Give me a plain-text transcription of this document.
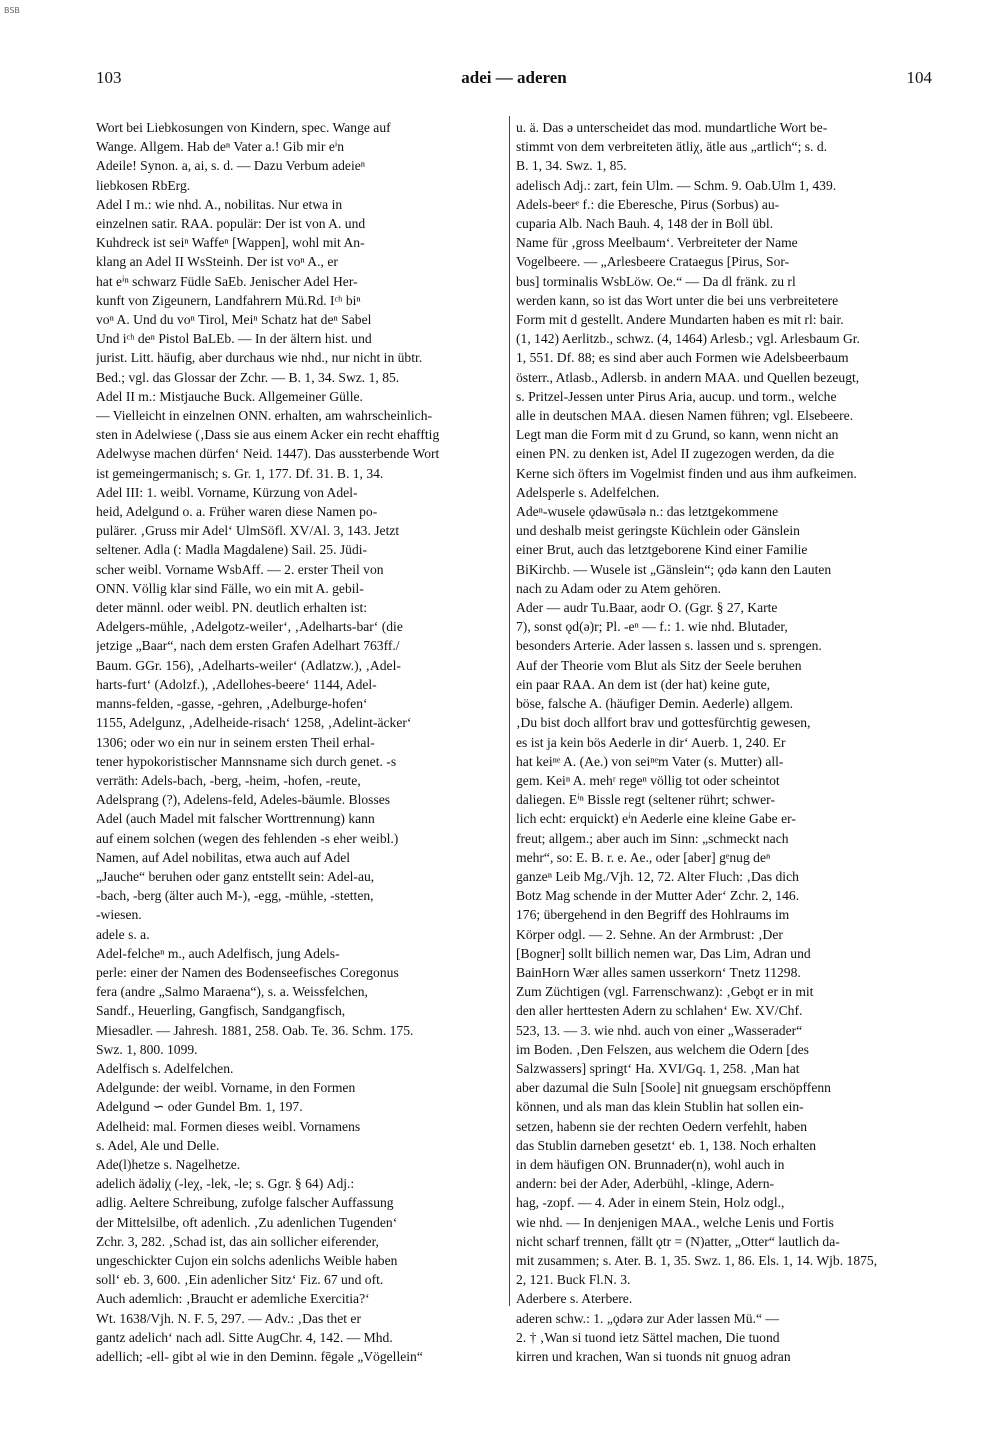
BSB
103	adei — aderen	104
Wort bei Liebkosungen von Kindern, spec. Wange auf
Wange. Allgem. Hab deⁿ Vater a.! Gib mir eⁱn
Adeile! Synon. a, ai, s. d. — Dazu Verbum adeieⁿ
liebkosen RbErg.
Adel I m.: wie nhd. A., nobilitas. Nur etwa in
einzelnen satir. RAA. populär: Der ist von A. und
Kuhdreck ist seiⁿ Waffeⁿ [Wappen], wohl mit An-
klang an Adel II WsSteinh. Der ist voⁿ A., er
hat eⁱⁿ schwarz Füdle SaEb. Jenischer Adel Her-
kunft von Zigeunern, Landfahrern Mü.Rd. Iᶜʰ biⁿ
voⁿ A. Und du voⁿ Tirol, Meiⁿ Schatz hat deⁿ Sabel
Und iᶜʰ deⁿ Pistol BaLEb. — In der ältern hist. und
jurist. Litt. häufig, aber durchaus wie nhd., nur nicht in übtr.
Bed.; vgl. das Glossar der Zchr. — B. 1, 34. Swz. 1, 85.
Adel II m.: Mistjauche Buck. Allgemeiner Gülle.
— Vielleicht in einzelnen ONN. erhalten, am wahrscheinlich-
sten in Adelwiese (‚Dass sie aus einem Acker ein recht ehafftig
Adelwyse machen dürfen‘ Neid. 1447). Das aussterbende Wort
ist gemeingermanisch; s. Gr. 1, 177. Df. 31. B. 1, 34.
Adel III: 1. weibl. Vorname, Kürzung von Adel-
heid, Adelgund o. a. Früher waren diese Namen po-
pulärer. ‚Gruss mir Adel‘ UlmSöfl. XV/Al. 3, 143. Jetzt
seltener. Adla (: Madla Magdalene) Sail. 25. Jüdi-
scher weibl. Vorname WsbAff. — 2. erster Theil von
ONN. Völlig klar sind Fälle, wo ein mit A. gebil-
deter männl. oder weibl. PN. deutlich erhalten ist:
Adelgers-mühle, ‚Adelgotz-weiler‘, ‚Adelharts-bar‘ (die
jetzige „Baar“, nach dem ersten Grafen Adelhart 763ff./
Baum. GGr. 156), ‚Adelharts-weiler‘ (Adlatzw.), ‚Adel-
harts-furt‘ (Adolzf.), ‚Adellohes-beere‘ 1144, Adel-
manns-felden, -gasse, -gehren, ‚Adelburge-hofen‘
1155, Adelgunz, ‚Adelheide-risach‘ 1258, ‚Adelint-äcker‘
1306; oder wo ein nur in seinem ersten Theil erhal-
tener hypokoristischer Mannsname sich durch genet. -s
verräth: Adels-bach, -berg, -heim, -hofen, -reute,
Adelsprang (?), Adelens-feld, Adeles-bäumle. Blosses
Adel (auch Madel mit falscher Worttrennung) kann
auf einem solchen (wegen des fehlenden -s eher weibl.)
Namen, auf Adel nobilitas, etwa auch auf Adel
„Jauche“ beruhen oder ganz entstellt sein: Adel-au,
-bach, -berg (älter auch M-), -egg, -mühle, -stetten,
-wiesen.
adele s. a.
Adel-felcheⁿ m., auch Adelfisch, jung Adels-
perle: einer der Namen des Bodenseefisches Coregonus
fera (andre „Salmo Maraena“), s. a. Weissfelchen,
Sandf., Heuerling, Gangfisch, Sandgangfisch,
Miesadler. — Jahresh. 1881, 258. Oab. Te. 36. Schm. 175.
Swz. 1, 800. 1099.
Adelfisch s. Adelfelchen.
Adelgunde: der weibl. Vorname, in den Formen
Adelgund ∽ oder Gundel Bm. 1, 197.
Adelheid: mal. Formen dieses weibl. Vornamens
s. Adel, Ale und Delle.
Ade(l)hetze s. Nagelhetze.
adelich ädəliχ (-leχ, -lek, -le; s. Ggr. § 64) Adj.:
adlig. Aeltere Schreibung, zufolge falscher Auffassung
der Mittelsilbe, oft adenlich. ‚Zu adenlichen Tugenden‘
Zchr. 3, 282. ‚Schad ist, das ain sollicher eiferender,
ungeschickter Cujon ein solchs adenlichs Weible haben
soll‘ eb. 3, 600. ‚Ein adenlicher Sitz‘ Fiz. 67 und oft.
Auch ademlich: ‚Braucht er ademliche Exercitia?‘
Wt. 1638/Vjh. N. F. 5, 297. — Adv.: ‚Das thet er
gantz adelich‘ nach adl. Sitte AugChr. 4, 142. — Mhd.
adellich; -ell- gibt əl wie in den Deminn. fēgəle „Vögellein“
u. ä. Das ə unterscheidet das mod. mundartliche Wort be-
stimmt von dem verbreiteten ätliχ, ätle aus „artlich“; s. d.
B. 1, 34. Swz. 1, 85.
adelisch Adj.: zart, fein Ulm. — Schm. 9. Oab.Ulm 1, 439.
Adels-beerᵉ f.: die Eberesche, Pirus (Sorbus) au-
cuparia Alb. Nach Bauh. 4, 148 der in Boll übl.
Name für ‚gross Meelbaum‘. Verbreiteter der Name
Vogelbeere. — „Arlesbeere Crataegus [Pirus, Sor-
bus] torminalis WsbLöw. Oe.“ — Da dl fränk. zu rl
werden kann, so ist das Wort unter die bei uns verbreitetere
Form mit d gestellt. Andere Mundarten haben es mit rl: bair.
(1, 142) Aerlitzb., schwz. (4, 1464) Arlesb.; vgl. Arlesbaum Gr.
1, 551. Df. 88; es sind aber auch Formen wie Adelsbeerbaum
österr., Atlasb., Adlersb. in andern MAA. und Quellen bezeugt,
s. Pritzel-Jessen unter Pirus Aria, aucup. und torm., welche
alle in deutschen MAA. diesen Namen führen; vgl. Elsebeere.
Legt man die Form mit d zu Grund, so kann, wenn nicht an
einen PN. zu denken ist, Adel II zugezogen werden, da die
Kerne sich öfters im Vogelmist finden und aus ihm aufkeimen.
Adelsperle s. Adelfelchen.
Adeⁿ-wusele ǫdəwūsələ n.: das letztgekommene
und deshalb meist geringste Küchlein oder Gänslein
einer Brut, auch das letztgeborene Kind einer Familie
BiKirchb. — Wusele ist „Gänslein“; ǫdə kann den Lauten
nach zu Adam oder zu Atem gehören.
Ader — audr Tu.Baar, aodr O. (Ggr. § 27, Karte
7), sonst ǫd(ə)r; Pl. -eⁿ — f.: 1. wie nhd. Blutader,
besonders Arterie. Ader lassen s. lassen und s. sprengen.
Auf der Theorie vom Blut als Sitz der Seele beruhen
ein paar RAA. An dem ist (der hat) keine gute,
böse, falsche A. (häufiger Demin. Aederle) allgem.
‚Du bist doch allfort brav und gottesfürchtig gewesen,
es ist ja kein bös Aederle in dir‘ Auerb. 1, 240. Er
hat keiⁿᵉ A. (Ae.) von seiⁿᵉm Vater (s. Mutter) all-
gem. Keiⁿ A. mehʳ regeⁿ völlig tot oder scheintot
daliegen. Eⁱⁿ Bissle regt (seltener rührt; schwer-
lich echt: erquickt) eⁱn Aederle eine kleine Gabe er-
freut; allgem.; aber auch im Sinn: „schmeckt nach
mehr“, so: E. B. r. e. Ae., oder [aber] gᵉnug deⁿ
ganzeⁿ Leib Mg./Vjh. 12, 72. Alter Fluch: ‚Das dich
Botz Mag schende in der Mutter Ader‘ Zchr. 2, 146.
176; übergehend in den Begriff des Hohlraums im
Körper odgl. — 2. Sehne. An der Armbrust: ‚Der
[Bogner] sollt billich nemen war, Das Lim, Adran und
BainHorn Wær alles samen usserkorn‘ Tnetz 11298.
Zum Züchtigen (vgl. Farrenschwanz): ‚Gebǫt er in mit
den aller herttesten Adern zu schlahen‘ Ew. XV/Chf.
523, 13. — 3. wie nhd. auch von einer „Wasserader“
im Boden. ‚Den Felszen, aus welchem die Odern [des
Salzwassers] springt‘ Ha. XVI/Gq. 1, 258. ‚Man hat
aber dazumal die Suln [Soole] nit gnuegsam erschöpffenn
können, und als man das klein Stublin hat sollen ein-
setzen, habenn sie der rechten Oedern verfehlt, haben
das Stublin darneben gesetzt‘ eb. 1, 138. Noch erhalten
in dem häufigen ON. Brunnader(n), wohl auch in
andern: bei der Ader, Aderbühl, -klinge, Adern-
hag, -zopf. — 4. Ader in einem Stein, Holz odgl.,
wie nhd. — In denjenigen MAA., welche Lenis und Fortis
nicht scharf trennen, fällt ǫtr = (N)atter, „Otter“ lautlich da-
mit zusammen; s. Ater. B. 1, 35. Swz. 1, 86. Els. 1, 14. Wjb. 1875,
2, 121. Buck Fl.N. 3.
Aderbere s. Aterbere.
aderen schw.: 1. „ǫdərə zur Ader lassen Mü.“ —
2. † ‚Wan si tuond ietz Sättel machen, Die tuond
kirren und krachen, Wan si tuonds nit gnuog adran
